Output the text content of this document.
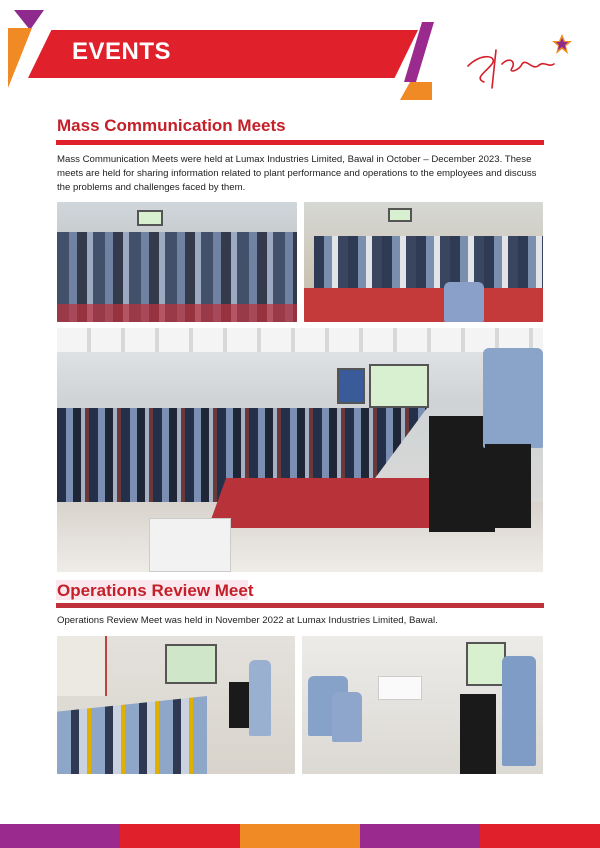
EVENTS
Mass Communication Meets
Mass Communication Meets were held at Lumax Industries Limited, Bawal in October – December 2023. These meets are held for sharing information related to plant performance and operations to the employees and discuss the problems and challenges faced by them.
Operations Review Meet
Operations Review Meet was held in November 2022 at Lumax Industries Limited, Bawal.
